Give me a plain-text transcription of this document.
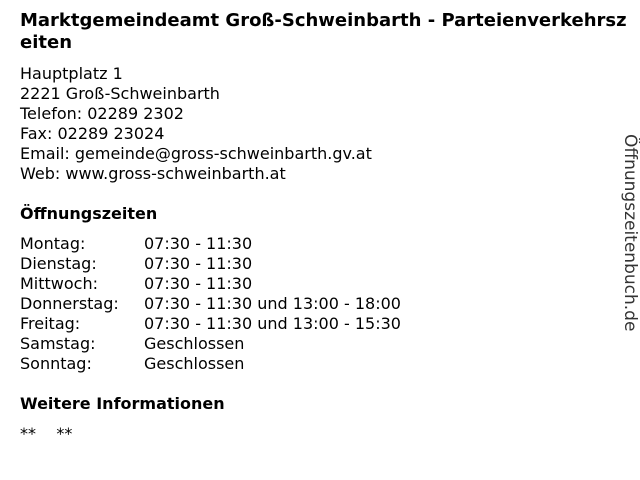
Marktgemeindeamt Groß-Schweinbarth - Parteienverkehrszeiten
Hauptplatz 1
2221 Groß-Schweinbarth
Telefon: 02289 2302
Fax: 02289 23024
Email: gemeinde@gross-schweinbarth.gv.at
Web: www.gross-schweinbarth.at
Öffnungszeiten
Montag:	07:30 - 11:30
Dienstag:	07:30 - 11:30
Mittwoch:	07:30 - 11:30
Donnerstag:	07:30 - 11:30 und 13:00 - 18:00
Freitag:	07:30 - 11:30 und 13:00 - 15:30
Samstag:	Geschlossen
Sonntag:	Geschlossen
Weitere Informationen
**    **
Öffnungszeitenbuch.de
